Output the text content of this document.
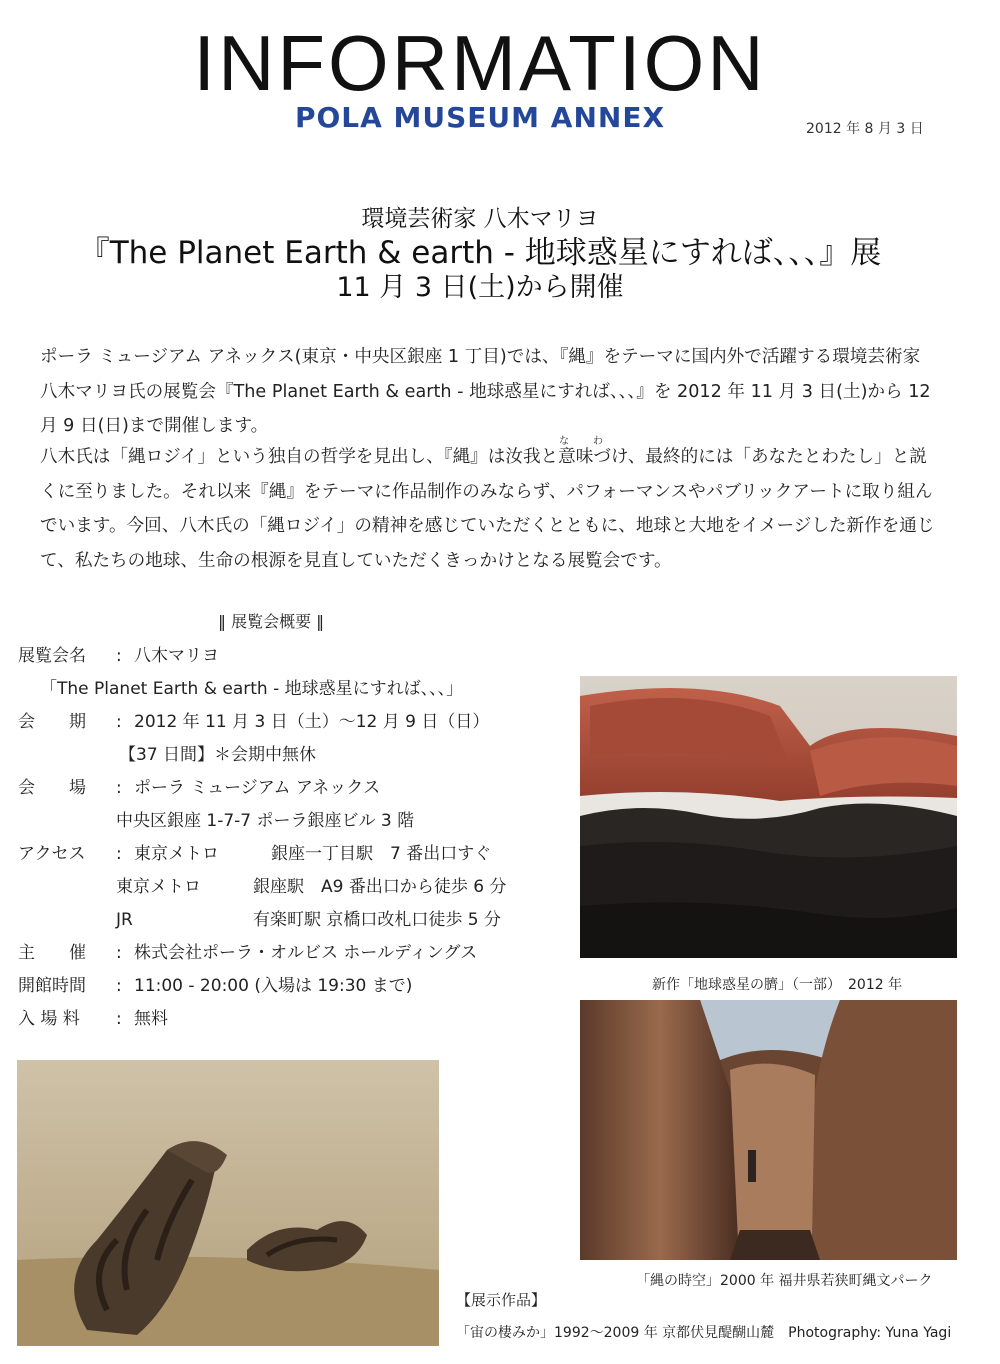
INFORMATION
POLA MUSEUM ANNEX	2012 年 8 月 3 日
環境芸術家 八木マリヨ
『The Planet Earth & earth - 地球惑星にすれば、、、』展
11 月 3 日(土)から開催
ポーラ ミュージアム アネックス(東京・中央区銀座 1 丁目)では、『縄』をテーマに国内外で活躍する環境芸術家 八木マリヨ氏の展覧会『The Planet Earth & earth - 地球惑星にすれば、、、』を 2012 年 11 月 3 日(土)から 12 月 9 日(日)まで開催します。
な わ
八木氏は「縄ロジイ」という独自の哲学を見出し、『縄』は汝我と意味づけ、最終的には「あなたとわたし」と説くに至りました。それ以来『縄』をテーマに作品制作のみならず、パフォーマンスやパブリックアートに取り組んでいます。今回、八木氏の「縄ロジイ」の精神を感じていただくとともに、地球と大地をイメージした新作を通じて、私たちの地球、生命の根源を見直していただくきっかけとなる展覧会です。
‖ 展覧会概要 ‖
展覧会名 : 八木マリヨ
「The Planet Earth & earth - 地球惑星にすれば、、、」
会　　期 : 2012 年 11 月 3 日（土）～12 月 9 日（日）
【37 日間】＊会期中無休
会　　場 : ポーラ ミュージアム アネックス
中央区銀座 1-7-7 ポーラ銀座ビル 3 階
アクセス : 東京メトロ	銀座一丁目駅　7 番出口すぐ
東京メトロ	銀座駅　A9 番出口から徒歩 6 分
JR	有楽町駅 京橋口改札口徒歩 5 分
主　　催 : 株式会社ポーラ・オルビス ホールディングス
開館時間 : 11:00 - 20:00 (入場は 19:30 まで)
入 場 料 : 無料
新作「地球惑星の臍」（一部）　2012 年
「縄の時空」2000 年 福井県若狭町縄文パーク
【展示作品】
「宙の棲みか」1992～2009 年 京都伏見醍醐山麓　Photography: Yuna Yagi
